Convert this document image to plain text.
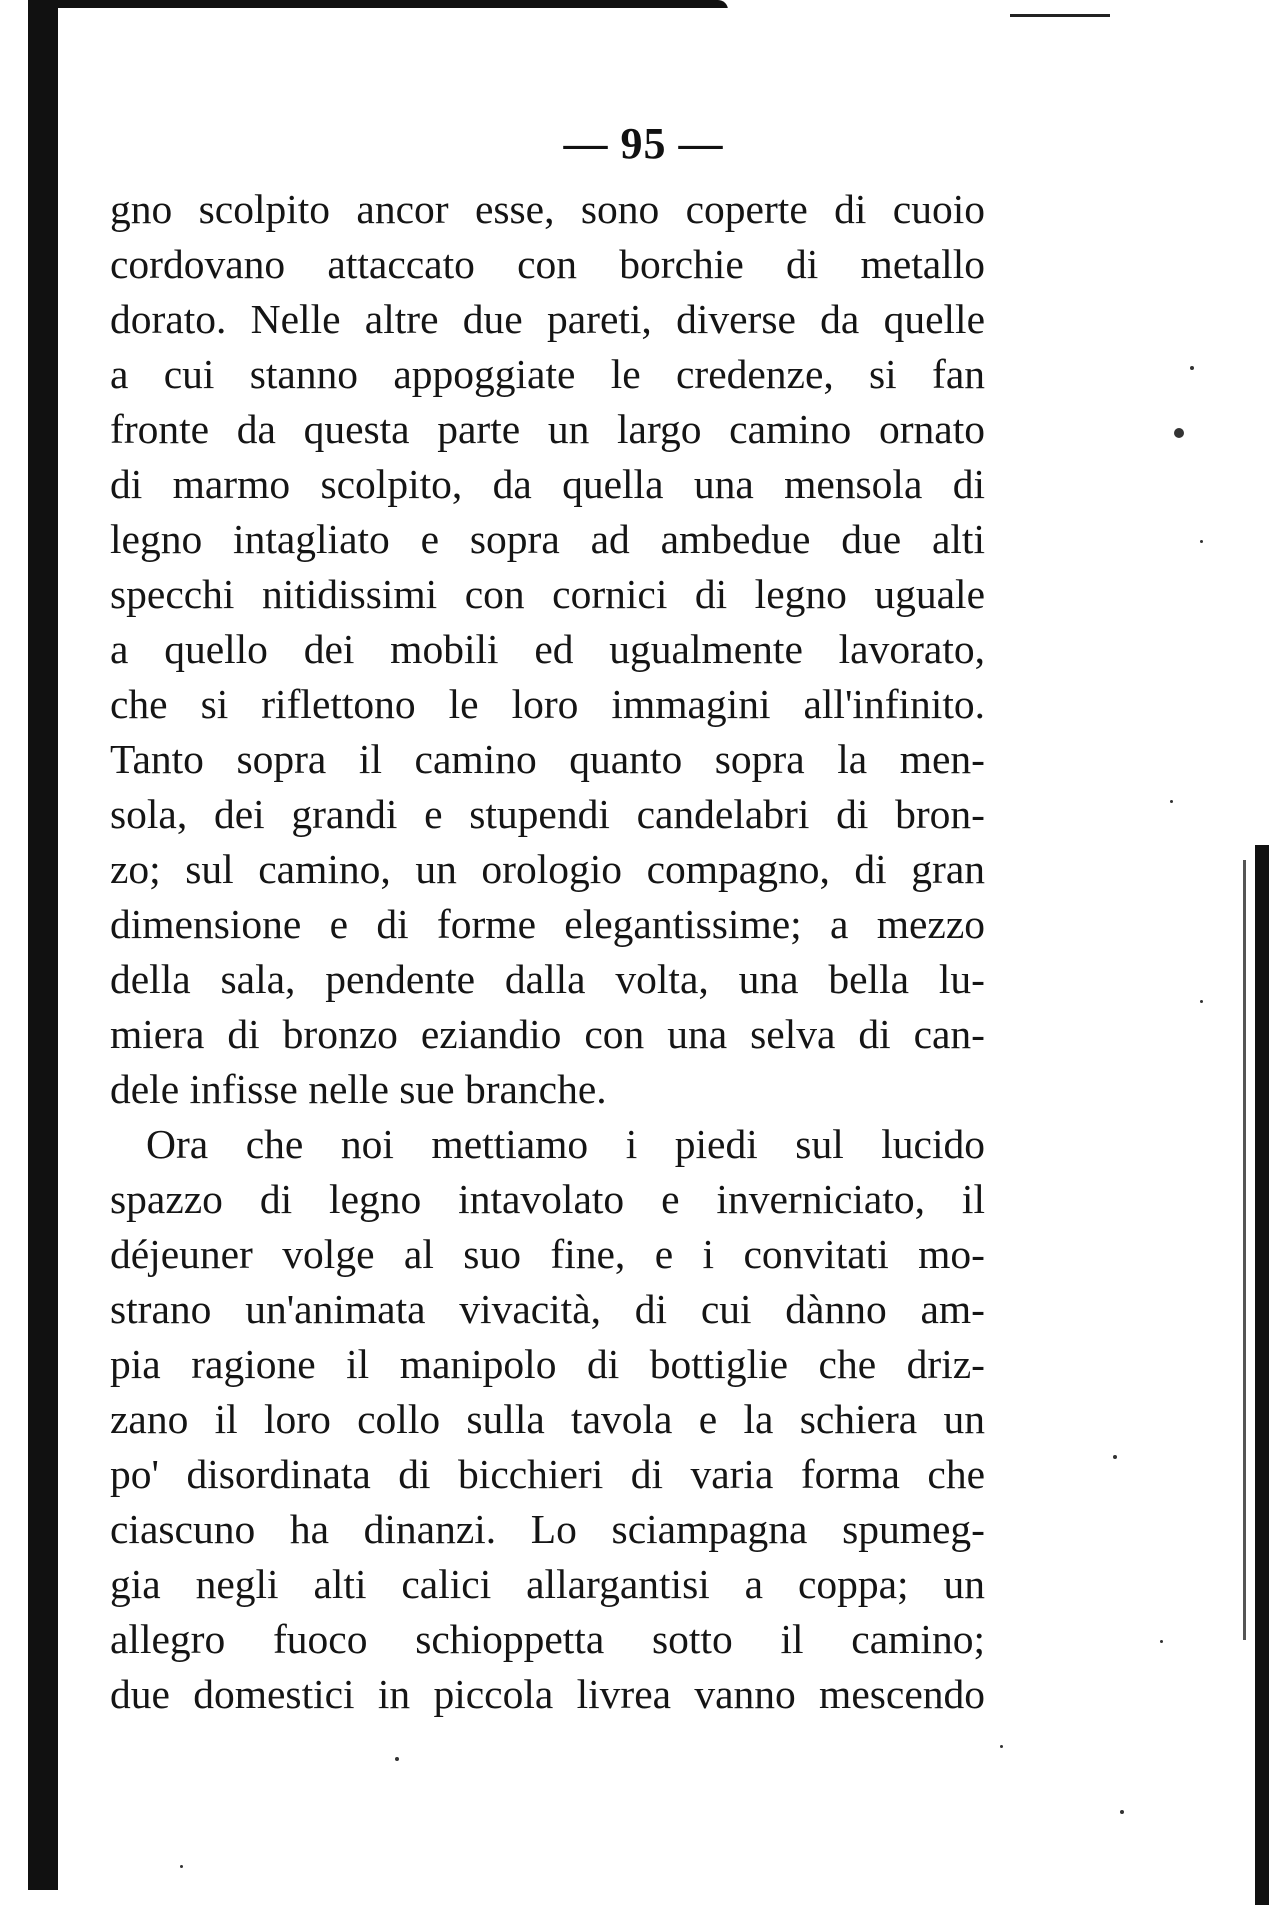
— 95 —
gno scolpito ancor esse, sono coperte di cuoio
cordovano attaccato con borchie di metallo
dorato. Nelle altre due pareti, diverse da quelle
a cui stanno appoggiate le credenze, si fan
fronte da questa parte un largo camino ornato
di marmo scolpito, da quella una mensola di
legno intagliato e sopra ad ambedue due alti
specchi nitidissimi con cornici di legno uguale
a quello dei mobili ed ugualmente lavorato,
che si riflettono le loro immagini all'infinito.
Tanto sopra il camino quanto sopra la men-
sola, dei grandi e stupendi candelabri di bron-
zo; sul camino, un orologio compagno, di gran
dimensione e di forme elegantissime; a mezzo
della sala, pendente dalla volta, una bella lu-
miera di bronzo eziandio con una selva di can-
dele infisse nelle sue branche.
Ora che noi mettiamo i piedi sul lucido
spazzo di legno intavolato e inverniciato, il
déjeuner volge al suo fine, e i convitati mo-
strano un'animata vivacità, di cui dànno am-
pia ragione il manipolo di bottiglie che driz-
zano il loro collo sulla tavola e la schiera un
po' disordinata di bicchieri di varia forma che
ciascuno ha dinanzi. Lo sciampagna spumeg-
gia negli alti calici allargantisi a coppa; un
allegro fuoco schioppetta sotto il camino;
due domestici in piccola livrea vanno mescendo
